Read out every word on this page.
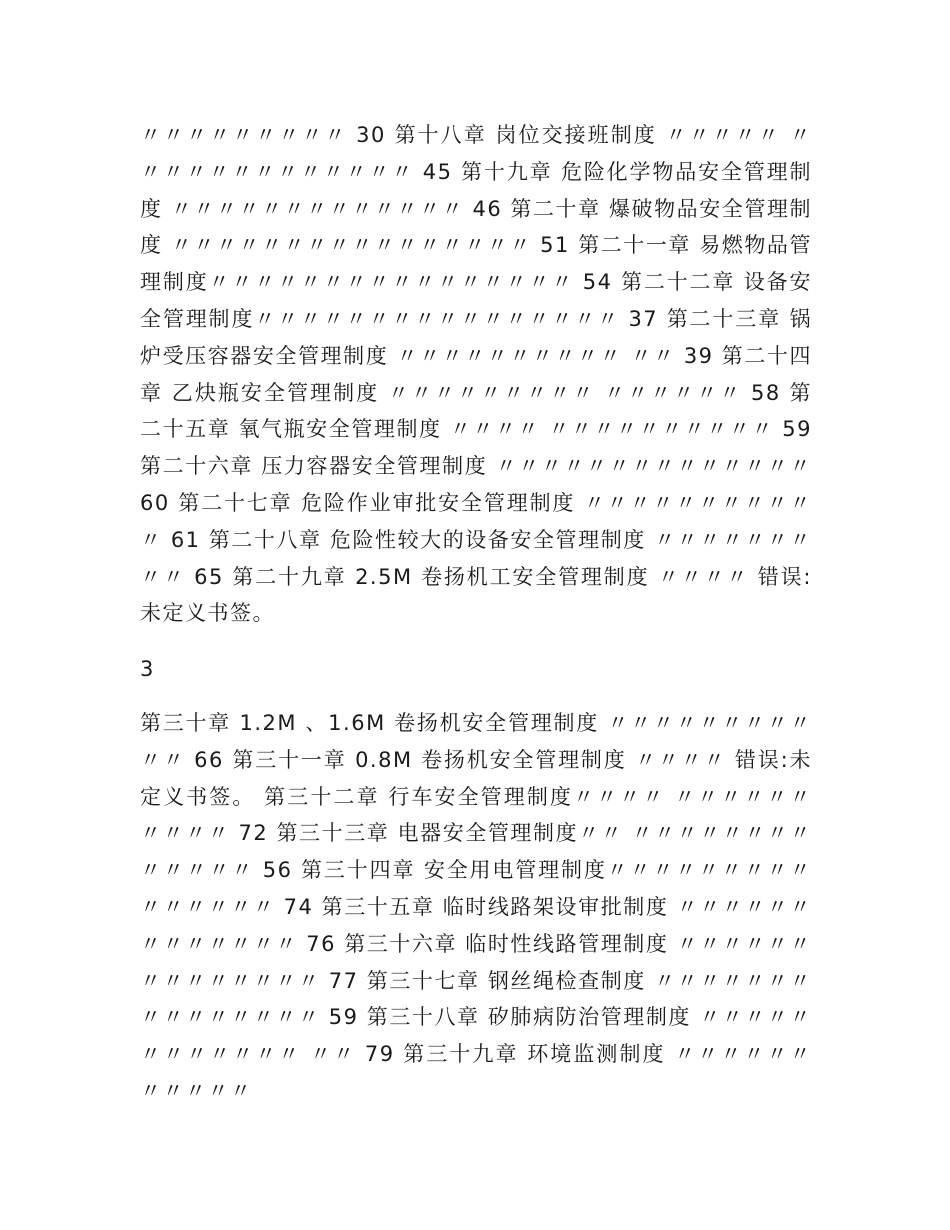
〃〃〃〃〃〃〃〃〃 30 第十八章 岗位交接班制度 〃〃〃〃〃 〃〃〃〃〃〃〃〃〃〃〃〃〃 45 第十九章 危险化学物品安全管理制度 〃〃〃〃〃〃〃〃〃〃〃〃〃 46 第二十章 爆破物品安全管理制度 〃〃〃〃〃〃〃〃〃〃〃〃〃〃〃〃 51 第二十一章 易燃物品管理制度〃〃〃〃〃〃〃〃〃〃〃〃〃〃〃〃 54 第二十二章 设备安全管理制度〃〃〃〃〃〃〃〃〃〃〃〃〃〃〃〃 37 第二十三章 锅炉受压容器安全管理制度 〃〃〃〃〃〃〃〃〃〃 〃〃 39 第二十四章 乙炔瓶安全管理制度 〃〃〃〃〃〃〃〃〃 〃〃〃〃〃〃 58 第二十五章 氧气瓶安全管理制度 〃〃〃〃 〃〃〃〃〃〃〃〃〃〃 59 第二十六章 压力容器安全管理制度 〃〃〃〃〃〃〃〃〃〃〃〃〃〃 60 第二十七章 危险作业审批安全管理制度 〃〃〃〃〃〃〃〃〃〃〃 61 第二十八章 危险性较大的设备安全管理制度 〃〃〃〃〃〃〃〃〃 65 第二十九章 2.5M 卷扬机工安全管理制度 〃〃〃〃 错误:未定义书签。

3

第三十章 1.2M 、1.6M 卷扬机安全管理制度 〃〃〃〃〃〃〃〃〃〃〃 66 第三十一章 0.8M 卷扬机安全管理制度 〃〃〃〃 错误:未定义书签。 第三十二章 行车安全管理制度〃〃〃〃 〃〃〃〃〃〃〃〃〃〃 72 第三十三章 电器安全管理制度〃〃 〃〃〃〃〃〃〃〃〃〃〃〃〃 56 第三十四章 安全用电管理制度〃〃〃〃〃〃〃〃〃〃〃〃〃〃〃 74 第三十五章 临时线路架设审批制度 〃〃〃〃〃〃〃〃〃〃〃〃〃 76 第三十六章 临时性线路管理制度 〃〃〃〃〃〃〃〃〃〃〃〃〃〃 77 第三十七章 钢丝绳检查制度 〃〃〃〃〃〃〃〃〃〃〃〃〃〃〃 59 第三十八章 矽肺病防治管理制度 〃〃〃〃〃〃〃〃〃〃〃〃 〃〃 79 第三十九章 环境监测制度 〃〃〃〃〃〃〃〃〃〃〃
